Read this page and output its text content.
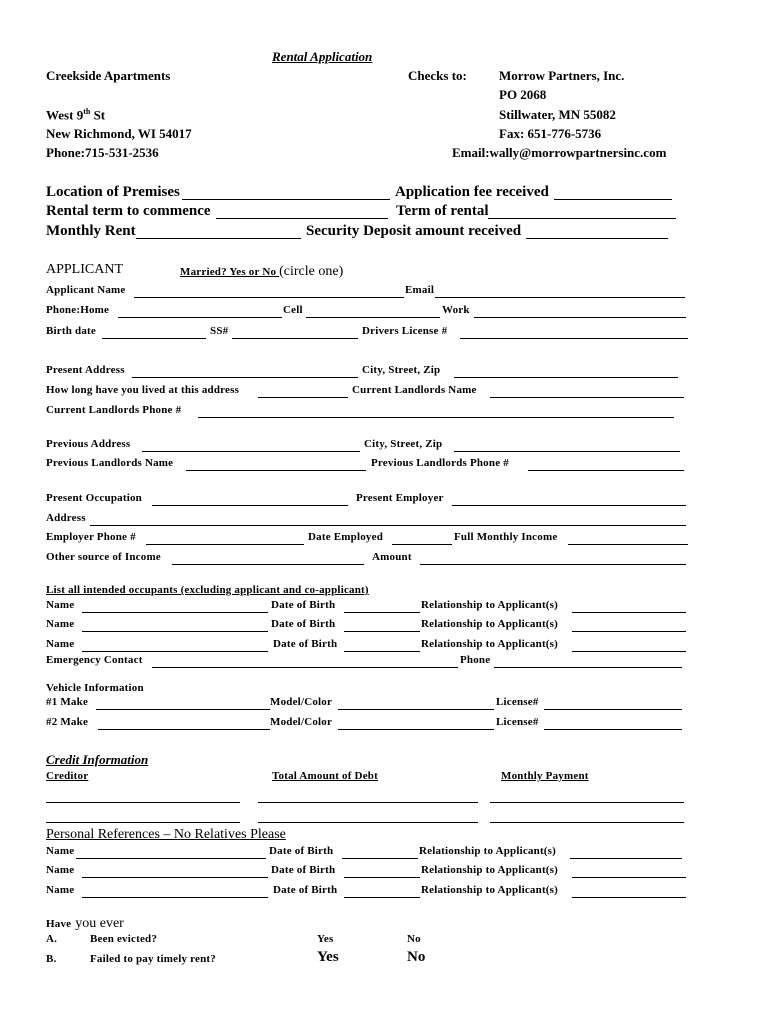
Rental Application
Creekside Apartments
West 9th St
New Richmond, WI 54017
Phone:715-531-2536
Checks to: Morrow Partners, Inc.
PO 2068
Stillwater, MN 55082
Fax: 651-776-5736
Email:wally@morrowpartnersinc.com
Location of Premises	Application fee received
Rental term to commence	Term of rental
Monthly Rent	Security Deposit amount received
APPLICANT	Married? Yes or No (circle one)
Applicant Name	Email
Phone:Home	Cell	Work
Birth date	SS#	Drivers License #
Present Address	City, Street, Zip
How long have you lived at this address	Current Landlords Name
Current Landlords Phone #
Previous Address	City, Street, Zip
Previous Landlords Name	Previous Landlords Phone #
Present Occupation	Present Employer
Address
Employer Phone #	Date Employed	Full Monthly Income
Other source of Income	Amount
List all intended occupants (excluding applicant and co-applicant)
Name	Date of Birth	Relationship to Applicant(s)
Name	Date of Birth	Relationship to Applicant(s)
Name	Date of Birth	Relationship to Applicant(s)
Emergency Contact	Phone
Vehicle Information
#1 Make	Model/Color	License#
#2 Make	Model/Color	License#
Credit Information
Creditor	Total Amount of Debt	Monthly Payment
Personal References – No Relatives Please
Name	Date of Birth	Relationship to Applicant(s)
Name	Date of Birth	Relationship to Applicant(s)
Name	Date of Birth	Relationship to Applicant(s)
Have you ever
A.	Been evicted?	Yes	No
B.	Failed to pay timely rent?	Yes	No
